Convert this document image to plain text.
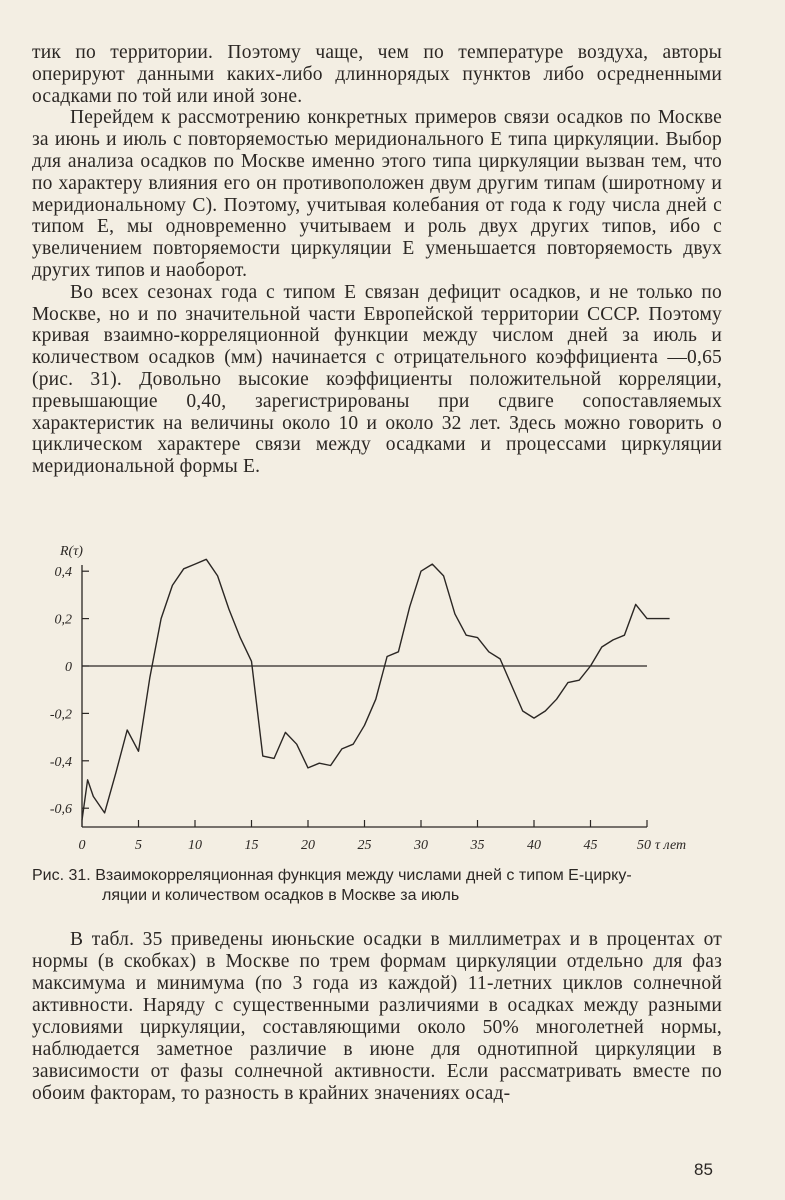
тик по территории. Поэтому чаще, чем по температуре воздуха, авторы оперируют данными каких-либо длиннорядых пунктов либо осредненными осадками по той или иной зоне.

Перейдем к рассмотрению конкретных примеров связи осадков по Москве за июнь и июль с повторяемостью меридионального Е типа циркуляции. Выбор для анализа осадков по Москве именно этого типа циркуляции вызван тем, что по характеру влияния его он противоположен двум другим типам (широтному и меридиональному С). Поэтому, учитывая колебания от года к году числа дней с типом Е, мы одновременно учитываем и роль двух других типов, ибо с увеличением повторяемости циркуляции Е уменьшается повторяемость двух других типов и наоборот.

Во всех сезонах года с типом Е связан дефицит осадков, и не только по Москве, но и по значительной части Европейской территории СССР. Поэтому кривая взаимно-корреляционной функции между числом дней за июль и количеством осадков (мм) начинается с отрицательного коэффициента —0,65 (рис. 31). Довольно высокие коэффициенты положительной корреляции, превышающие 0,40, зарегистрированы при сдвиге сопоставляемых характеристик на величины около 10 и около 32 лет. Здесь можно говорить о циклическом характере связи между осадками и процессами циркуляции меридиональной формы Е.

R(τ)
0,4
0,2
0
-0,2
-0,4
-0,6
0	5	10	15	20	25	30	35	40	45	50 τ лет
Рис. 31. Взаимокорреляционная функция между числами дней с типом Е-цирку-
ляции и количеством осадков в Москве за июль

В табл. 35 приведены июньские осадки в миллиметрах и в процентах от нормы (в скобках) в Москве по трем формам циркуляции отдельно для фаз максимума и минимума (по 3 года из каждой) 11-летних циклов солнечной активности. Наряду с существенными различиями в осадках между разными условиями циркуляции, составляющими около 50% многолетней нормы, наблюдается заметное различие в июне для однотипной циркуляции в зависимости от фазы солнечной активности. Если рассматривать вместе по обоим факторам, то разность в крайних значениях осад-

85
